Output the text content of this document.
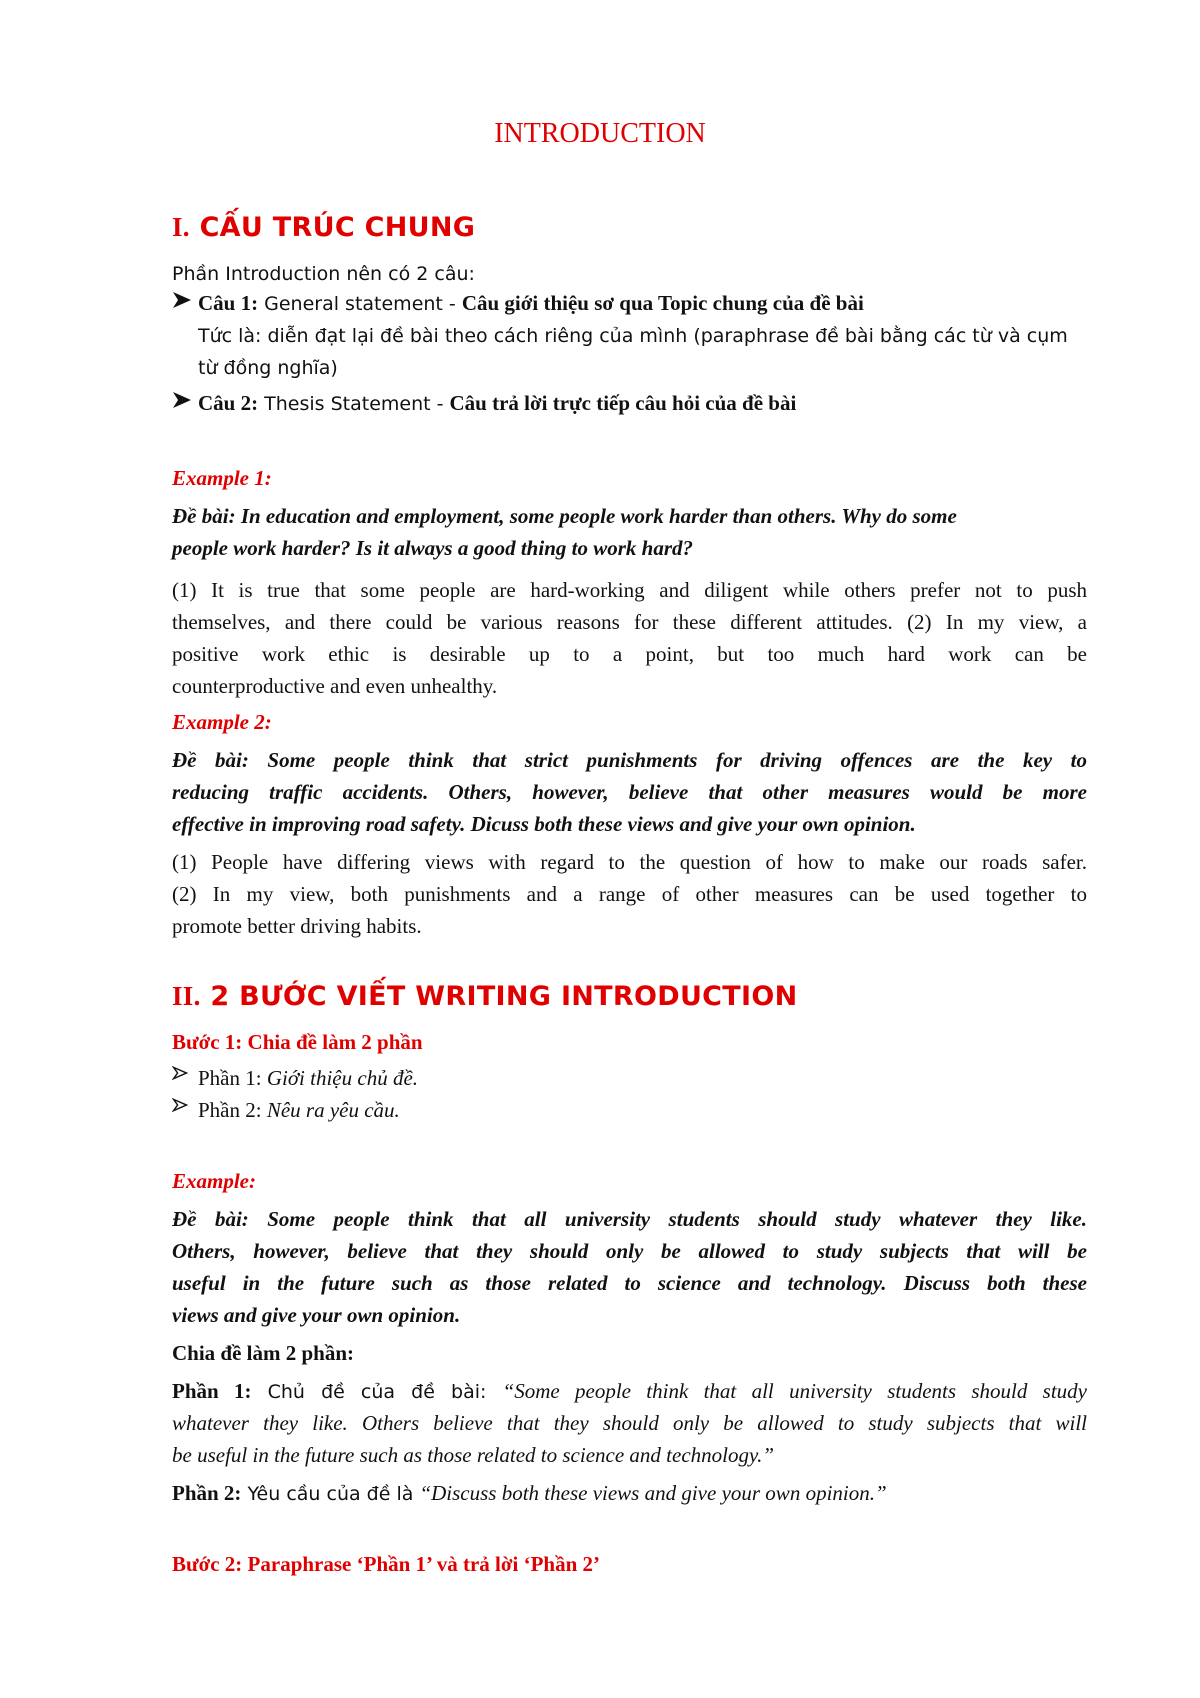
INTRODUCTION
I. CẤU TRÚC CHUNG
Phần Introduction nên có 2 câu:
Câu 1: General statement - Câu giới thiệu sơ qua Topic chung của đề bài
Tức là: diễn đạt lại đề bài theo cách riêng của mình (paraphrase đề bài bằng các từ và cụm
từ đồng nghĩa)
Câu 2: Thesis Statement - Câu trả lời trực tiếp câu hỏi của đề bài
Example 1:
Đề bài: In education and employment, some people work harder than others. Why do some
people work harder? Is it always a good thing to work hard?
(1) It is true that some people are hard-working and diligent while others prefer not to push
themselves, and there could be various reasons for these different attitudes. (2) In my view, a
positive work ethic is desirable up to a point, but too much hard work can be
counterproductive and even unhealthy.
Example 2:
Đề bài: Some people think that strict punishments for driving offences are the key to
reducing traffic accidents. Others, however, believe that other measures would be more
effective in improving road safety. Dicuss both these views and give your own opinion.
(1) People have differing views with regard to the question of how to make our roads safer.
(2) In my view, both punishments and a range of other measures can be used together to
promote better driving habits.
II. 2 BƯỚC VIẾT WRITING INTRODUCTION
Bước 1: Chia đề làm 2 phần
Phần 1: Giới thiệu chủ đề.
Phần 2: Nêu ra yêu cầu.
Example:
Đề bài: Some people think that all university students should study whatever they like.
Others, however, believe that they should only be allowed to study subjects that will be
useful in the future such as those related to science and technology. Discuss both these
views and give your own opinion.
Chia đề làm 2 phần:
Phần 1: Chủ đề của đề bài: “Some people think that all university students should study
whatever they like. Others believe that they should only be allowed to study subjects that will
be useful in the future such as those related to science and technology.”
Phần 2: Yêu cầu của đề là “Discuss both these views and give your own opinion.”
Bước 2: Paraphrase ‘Phần 1’ và trả lời ‘Phần 2’
